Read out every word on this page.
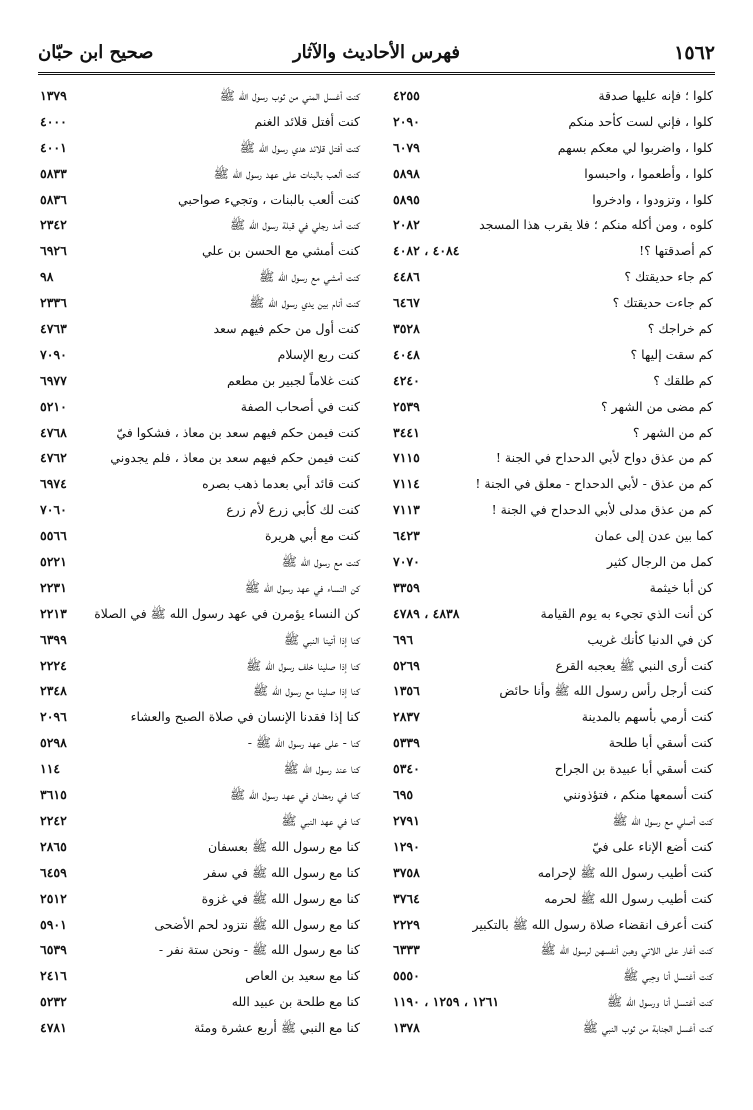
١٥٦٢
فهرس الأحاديث والآثار
صحيح ابن حبّان
كلوا ؛ فإنه عليها صدقة
٤٢٥٥
كلوا ، فإني لست كأحد منكم
٢٠٩٠
كلوا ، واضربوا لي معكم بسهم
٦٠٧٩
كلوا ، وأطعموا ، واحبسوا
٥٨٩٨
كلوا ، وتزودوا ، وادخروا
٥٨٩٥
كلوه ، ومن أكله منكم ؛ فلا يقرب هذا المسجد
٢٠٨٢
كم أصدقتها ؟!
٤٠٨٤ ، ٤٠٨٢
كم جاء حديقتك ؟
٤٤٨٦
كم جاءت حديقتك ؟
٦٤٦٧
كم خراجك ؟
٣٥٢٨
كم سقت إليها ؟
٤٠٤٨
كم طلقك ؟
٤٢٤٠
كم مضى من الشهر ؟
٢٥٣٩
كم من الشهر ؟
٣٤٤١
كم من عذق دواح لأبي الدحداح في الجنة !
٧١١٥
كم من عذق - لأبي الدحداح - معلق في الجنة !
٧١١٤
كم من عذق مدلى لأبي الدحداح في الجنة !
٧١١٣
كما بين عدن إلى عمان
٦٤٢٣
كمل من الرجال كثير
٧٠٧٠
كن أبا خيثمة
٣٣٥٩
كن أنت الذي تجيء به يوم القيامة
٤٨٣٨ ، ٤٧٨٩
كن في الدنيا كأنك غريب
٦٩٦
كنت أرى النبي ﷺ يعجبه القرع
٥٢٦٩
كنت أرجل رأس رسول الله ﷺ وأنا حائض
١٣٥٦
كنت أرمي بأسهم بالمدينة
٢٨٣٧
كنت أسقي أبا طلحة
٥٣٣٩
كنت أسقي أبا عبيدة بن الجراح
٥٣٤٠
كنت أسمعها منكم ، فتؤذونني
٦٩٥
كنت أصلي مع رسول الله ﷺ
٢٧٩١
كنت أضع الإناء على فيّ
١٢٩٠
كنت أطيب رسول الله ﷺ لإحرامه
٣٧٥٨
كنت أطيب رسول الله ﷺ لحرمه
٣٧٦٤
كنت أعرف انقضاء صلاة رسول الله ﷺ بالتكبير
٢٢٢٩
كنت أغار على اللاتي وهبن أنفسهن لرسول الله ﷺ
٦٣٣٣
كنت أغتسل أنا وحِبي ﷺ
٥٥٥٠
كنت أغتسل أنا ورسول الله ﷺ
١٢٦١ ، ١٢٥٩ ، ١١٩٠
كنت أغسل الجنابة من ثوب النبي ﷺ
١٣٧٨
كنت أغسل المني من ثوب رسول الله ﷺ
١٣٧٩
كنت أفتل قلائد الغنم
٤٠٠٠
كنت أفتل قلائد هدي رسول الله ﷺ
٤٠٠١
كنت ألعب بالبنات على عهد رسول الله ﷺ
٥٨٣٣
كنت ألعب بالبنات ، وتجيء صواحبي
٥٨٣٦
كنت أمد رجلي في قبلة رسول الله ﷺ
٢٣٤٢
كنت أمشي مع الحسن بن علي
٦٩٢٦
كنت أمشي مع رسول الله ﷺ
٩٨
كنت أنام بين يدي رسول الله ﷺ
٢٣٣٦
كنت أول من حكم فيهم سعد
٤٧٦٣
كنت ربع الإسلام
٧٠٩٠
كنت غلاماً لجبير بن مطعم
٦٩٧٧
كنت في أصحاب الصفة
٥٢١٠
كنت فيمن حكم فيهم سعد بن معاذ ، فشكوا فيّ
٤٧٦٨
كنت فيمن حكم فيهم سعد بن معاذ ، فلم يجدوني
٤٧٦٢
كنت قائد أبي بعدما ذهب بصره
٦٩٧٤
كنت لك كأبي زرع لأم زرع
٧٠٦٠
كنت مع أبي هريرة
٥٥٦٦
كنت مع رسول الله ﷺ
٥٢٢١
كن النساء في عهد رسول الله ﷺ
٢٢٣١
كن النساء يؤمرن في عهد رسول الله ﷺ في الصلاة
٢٢١٣
كنا إذا أتينا النبي ﷺ
٦٣٩٩
كنا إذا صلينا خلف رسول الله ﷺ
٢٢٢٤
كنا إذا صلينا مع رسول الله ﷺ
٢٣٤٨
كنا إذا فقدنا الإنسان في صلاة الصبح والعشاء
٢٠٩٦
كنا - على عهد رسول الله ﷺ -
٥٢٩٨
كنا عند رسول الله ﷺ
١١٤
كنا في رمضان في عهد رسول الله ﷺ
٣٦١٥
كنا في عهد النبي ﷺ
٢٢٤٢
كنا مع رسول الله ﷺ بعسفان
٢٨٦٥
كنا مع رسول الله ﷺ في سفر
٦٤٥٩
كنا مع رسول الله ﷺ في غزوة
٢٥١٢
كنا مع رسول الله ﷺ نتزود لحم الأضحى
٥٩٠١
كنا مع رسول الله ﷺ - ونحن ستة نفر -
٦٥٣٩
كنا مع سعيد بن العاص
٢٤١٦
كنا مع طلحة بن عبيد الله
٥٢٣٢
كنا مع النبي ﷺ أربع عشرة ومئة
٤٧٨١
